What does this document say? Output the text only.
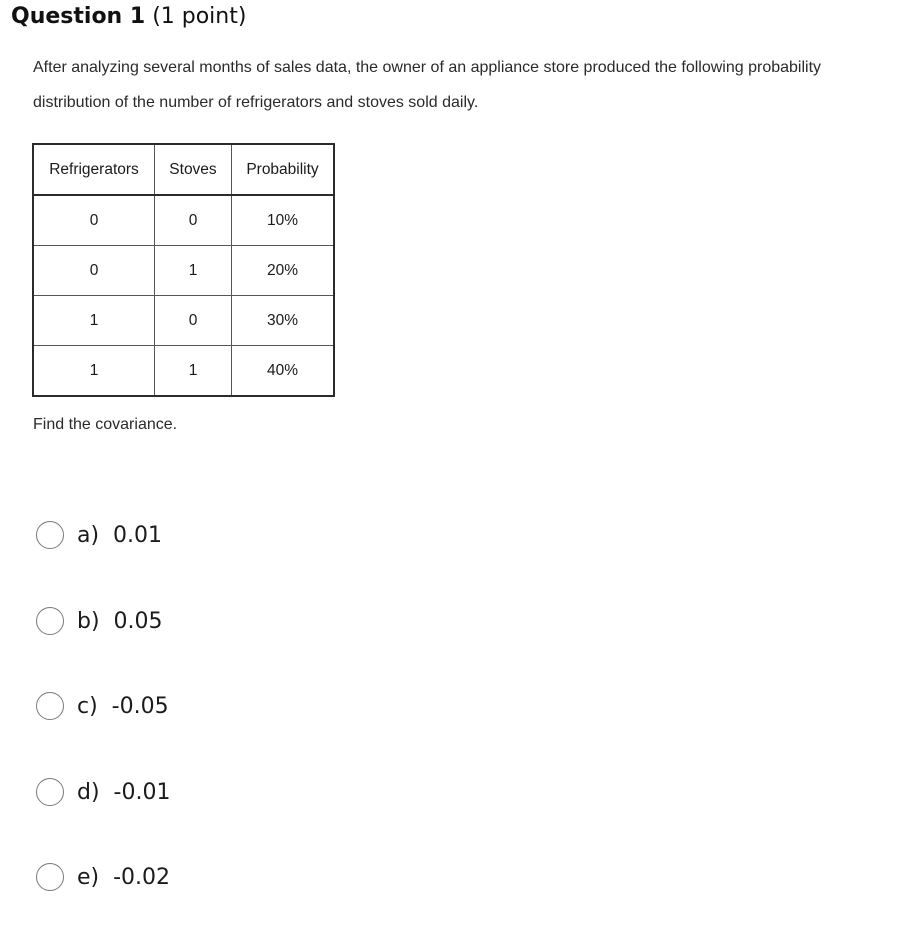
Question 1 (1 point)
After analyzing several months of sales data, the owner of an appliance store produced the following probability distribution of the number of refrigerators and stoves sold daily.
Refrigerators	Stoves	Probability
0	0	10%
0	1	20%
1	0	30%
1	1	40%
Find the covariance.
a)  0.01
b)  0.05
c)  -0.05
d)  -0.01
e)  -0.02
